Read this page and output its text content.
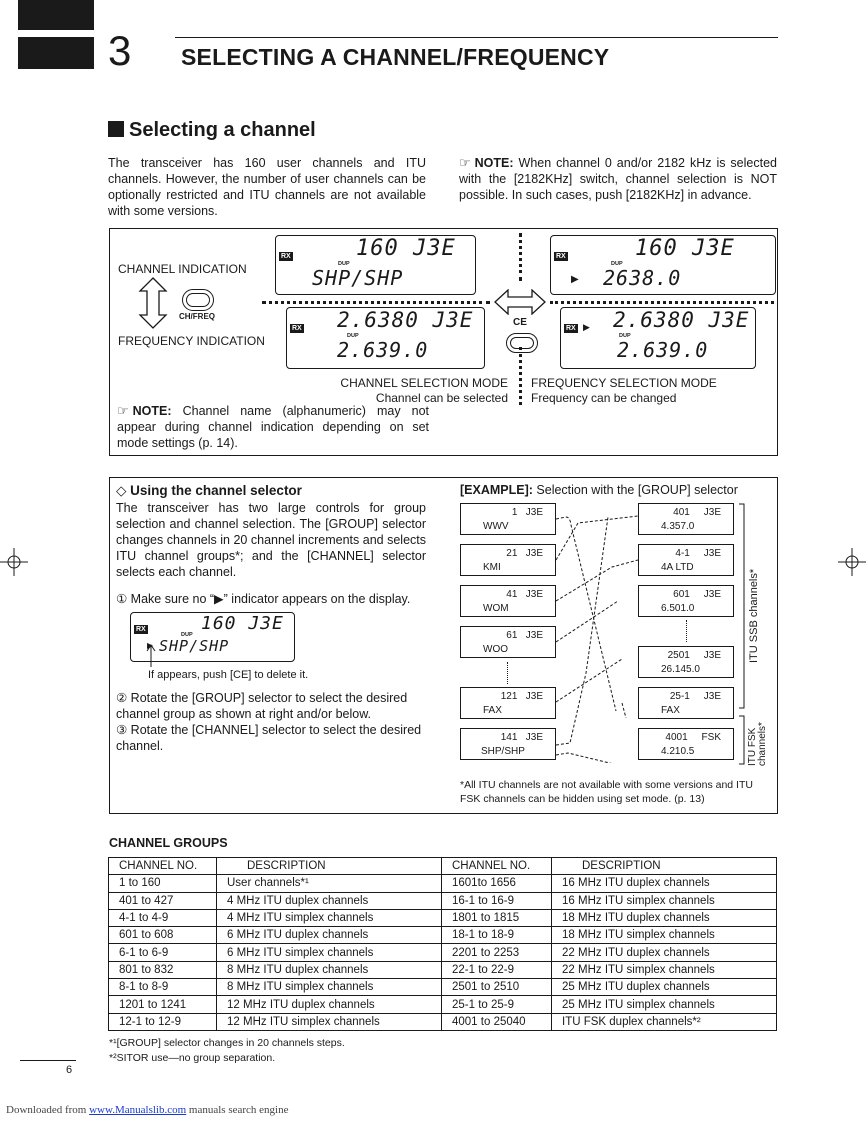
3 SELECTING A CHANNEL/FREQUENCY
Selecting a channel
The transceiver has 160 user channels and ITU channels. However, the number of user channels can be optionally restricted and ITU channels are not available with some versions.
☞ NOTE: When channel 0 and/or 2182 kHz is selected with the [2182KHz] switch, channel selection is NOT possible. In such cases, push [2182KHz] in advance.
CHANNEL INDICATION
CH/FREQ
FREQUENCY INDICATION
RX	160 J3E
DUP
SHP/SHP
RX	160 J3E
DUP
▶ 2638.0
CE
RX 2.6380 J3E
DUP
2.639.0
RX ▶ 2.6380 J3E
DUP
2.639.0
CHANNEL SELECTION MODE
Channel can be selected
FREQUENCY SELECTION MODE
Frequency can be changed
☞ NOTE: Channel name (alphanumeric) may not appear during channel indication depending on set mode settings (p. 14).
◇ Using the channel selector
The transceiver has two large controls for group selection and channel selection. The [GROUP] selector changes channels in 20 channel increments and selects ITU channel groups*; and the [CHANNEL] selector selects each channel.
① Make sure no “▶” indicator appears on the display.
RX	160 J3E
DUP
▶ SHP/SHP
If appears, push [CE] to delete it.
② Rotate the [GROUP] selector to select the desired channel group as shown at right and/or below.
③ Rotate the [CHANNEL] selector to select the desired channel.
[EXAMPLE]: Selection with the [GROUP] selector
1 J3E
WWV
21 J3E
KMI
41 J3E
WOM
61 J3E
WOO
121 J3E
FAX
141 J3E
SHP/SHP
401 J3E
4.357.0
4-1 J3E
4A LTD
601 J3E
6.501.0
2501 J3E
26.145.0
25-1 J3E
FAX
4001 FSK
4.210.5
ITU SSB channels*
ITU FSK channels*
*All ITU channels are not available with some versions and ITU FSK channels can be hidden using set mode. (p. 13)
CHANNEL GROUPS
CHANNEL NO.	DESCRIPTION	CHANNEL NO.	DESCRIPTION
1 to 160	User channels*¹	1601to 1656	16 MHz ITU duplex channels
401 to 427	4 MHz ITU duplex channels	16-1 to 16-9	16 MHz ITU simplex channels
4-1 to 4-9	4 MHz ITU simplex channels	1801 to 1815	18 MHz ITU duplex channels
601 to 608	6 MHz ITU duplex channels	18-1 to 18-9	18 MHz ITU simplex channels
6-1 to 6-9	6 MHz ITU simplex channels	2201 to 2253	22 MHz ITU duplex channels
801 to 832	8 MHz ITU duplex channels	22-1 to 22-9	22 MHz ITU simplex channels
8-1 to 8-9	8 MHz ITU simplex channels	2501 to 2510	25 MHz ITU duplex channels
1201 to 1241	12 MHz ITU duplex channels	25-1 to 25-9	25 MHz ITU simplex channels
12-1 to 12-9	12 MHz ITU simplex channels	4001 to 25040	ITU FSK duplex channels*²
*¹[GROUP] selector changes in 20 channels steps.
*²SITOR use—no group separation.
6
Downloaded from www.Manualslib.com manuals search engine
